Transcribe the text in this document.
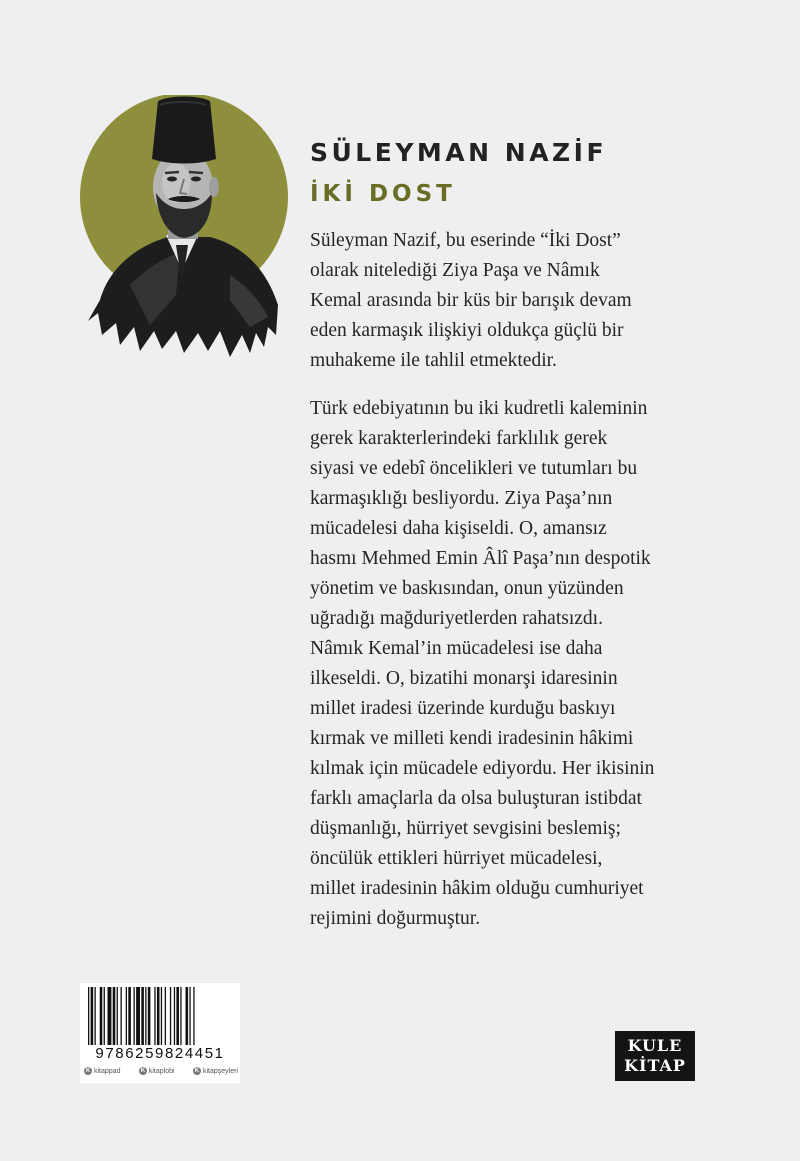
SÜLEYMAN NAZİF
İKİ DOST

Süleyman Nazif, bu eserinde “İki Dost”
olarak nitelediği Ziya Paşa ve Nâmık
Kemal arasında bir küs bir barışık devam
eden karmaşık ilişkiyi oldukça güçlü bir
muhakeme ile tahlil etmektedir.

Türk edebiyatının bu iki kudretli kaleminin
gerek karakterlerindeki farklılık gerek
siyasi ve edebî öncelikleri ve tutumları bu
karmaşıklığı besliyordu. Ziya Paşa’nın
mücadelesi daha kişiseldi. O, amansız
hasmı Mehmed Emin Âlî Paşa’nın despotik
yönetim ve baskısından, onun yüzünden
uğradığı mağduriyetlerden rahatsızdı.
Nâmık Kemal’in mücadelesi ise daha
ilkeseldi. O, bizatihi monarşi idaresinin
millet iradesi üzerinde kurduğu baskıyı
kırmak ve milleti kendi iradesinin hâkimi
kılmak için mücadele ediyordu. Her ikisinin
farklı amaçlarla da olsa buluşturan istibdat
düşmanlığı, hürriyet sevgisini beslemiş;
öncülük ettikleri hürriyet mücadelesi,
millet iradesinin hâkim olduğu cumhuriyet
rejimini doğurmuştur.

9786259824451
K kitappad	K kitaplobi	K kitapşeyleri
KULE
KİTAP
